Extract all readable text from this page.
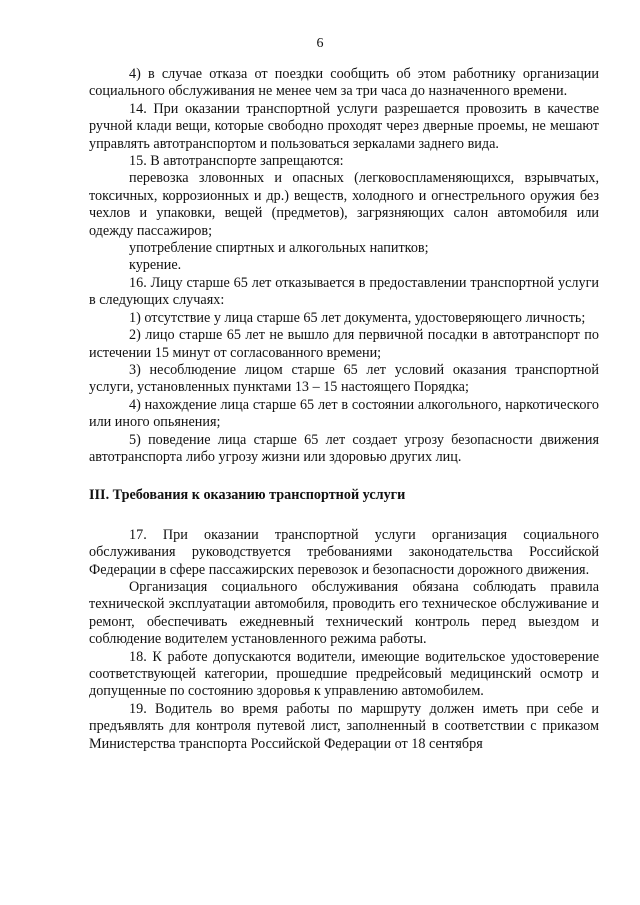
6

4) в случае отказа от поездки сообщить об этом работнику организации социального обслуживания не менее чем за три часа до назначенного времени.

14. При оказании транспортной услуги разрешается провозить в качестве ручной клади вещи, которые свободно проходят через дверные проемы, не мешают управлять автотранспортом и пользоваться зеркалами заднего вида.

15. В автотранспорте запрещаются:

перевозка зловонных и опасных (легковоспламеняющихся, взрывчатых, токсичных, коррозионных и др.) веществ, холодного и огнестрельного оружия без чехлов и упаковки, вещей (предметов), загрязняющих салон автомобиля или одежду пассажиров;

употребление спиртных и алкогольных напитков;

курение.

16. Лицу старше 65 лет отказывается в предоставлении транспортной услуги в следующих случаях:

1) отсутствие у лица старше 65 лет документа, удостоверяющего личность;

2) лицо старше 65 лет не вышло для первичной посадки в автотранспорт по истечении 15 минут от согласованного времени;

3) несоблюдение лицом старше 65 лет условий оказания транспортной услуги, установленных пунктами 13 – 15 настоящего Порядка;

4) нахождение лица старше 65 лет в состоянии алкогольного, наркотического или иного опьянения;

5) поведение лица старше 65 лет создает угрозу безопасности движения автотранспорта либо угрозу жизни или здоровью других лиц.

III. Требования к оказанию транспортной услуги

17. При оказании транспортной услуги организация социального обслуживания руководствуется требованиями законодательства Российской Федерации в сфере пассажирских перевозок и безопасности дорожного движения.

Организация социального обслуживания обязана соблюдать правила технической эксплуатации автомобиля, проводить его техническое обслуживание и ремонт, обеспечивать ежедневный технический контроль перед выездом и соблюдение водителем установленного режима работы.

18. К работе допускаются водители, имеющие водительское удостоверение соответствующей категории, прошедшие предрейсовый медицинский осмотр и допущенные по состоянию здоровья к управлению автомобилем.

19. Водитель во время работы по маршруту должен иметь при себе и предъявлять для контроля путевой лист, заполненный в соответствии с приказом Министерства транспорта Российской Федерации от 18 сентября
